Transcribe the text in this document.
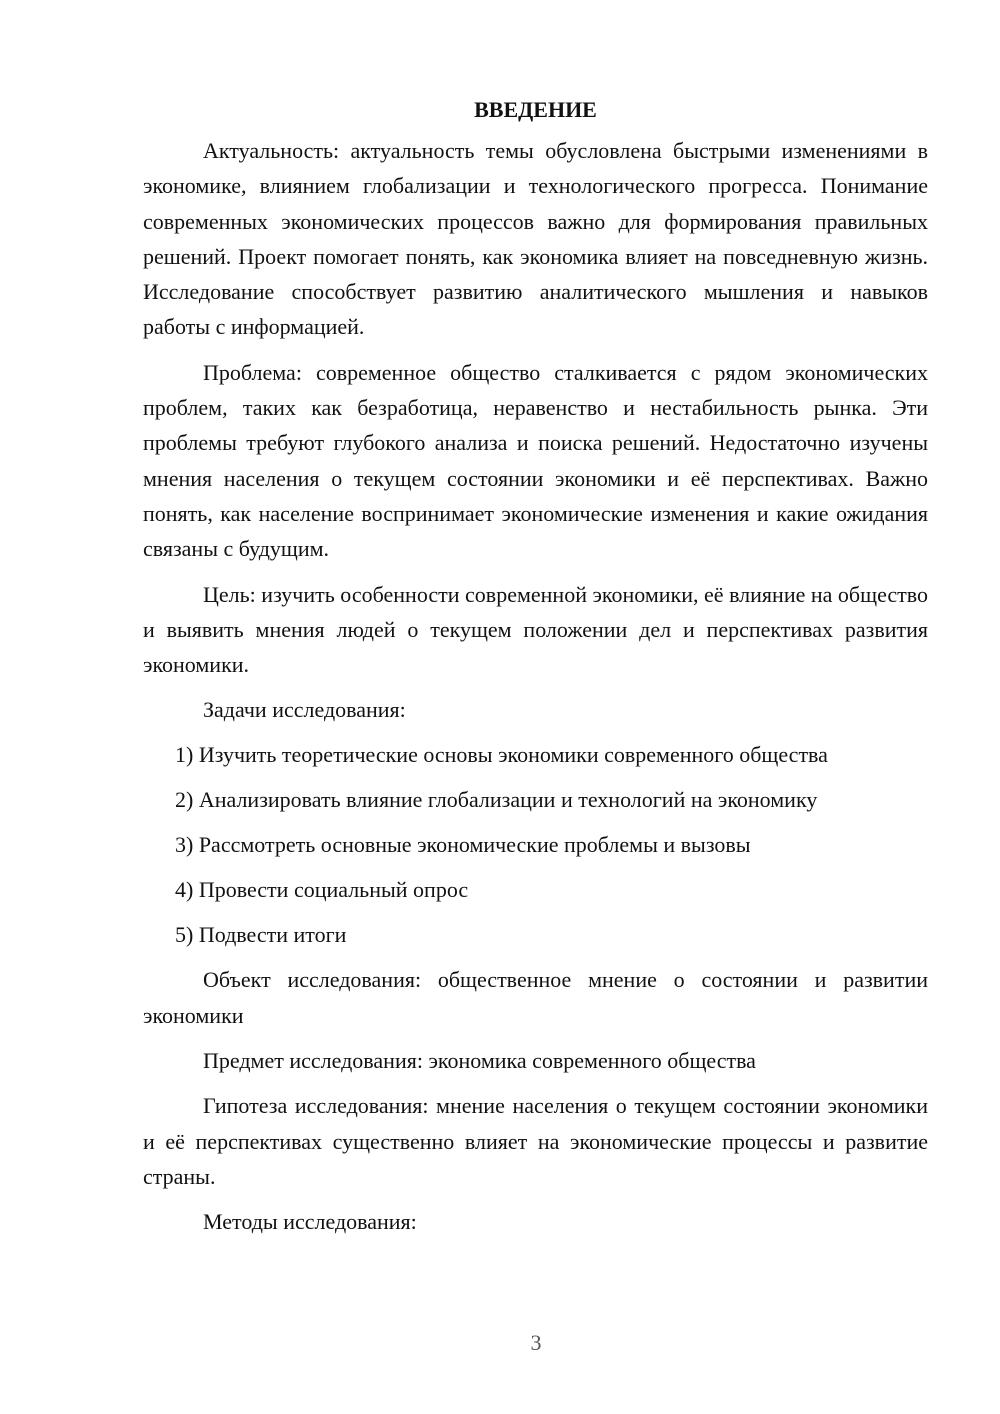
ВВЕДЕНИЕ

Актуальность: актуальность темы обусловлена быстрыми изменениями в экономике, влиянием глобализации и технологического прогресса. Понимание современных экономических процессов важно для формирования правильных решений. Проект помогает понять, как экономика влияет на повседневную жизнь. Исследование способствует развитию аналитического мышления и навыков работы с информацией.

Проблема: современное общество сталкивается с рядом экономических проблем, таких как безработица, неравенство и нестабильность рынка. Эти проблемы требуют глубокого анализа и поиска решений. Недостаточно изучены мнения населения о текущем состоянии экономики и её перспективах. Важно понять, как население воспринимает экономические изменения и какие ожидания связаны с будущим.

Цель: изучить особенности современной экономики, её влияние на общество и выявить мнения людей о текущем положении дел и перспективах развития экономики.

Задачи исследования:
1) Изучить теоретические основы экономики современного общества
2) Анализировать влияние глобализации и технологий на экономику
3) Рассмотреть основные экономические проблемы и вызовы
4) Провести социальный опрос
5) Подвести итоги

Объект исследования: общественное мнение о состоянии и развитии экономики

Предмет исследования: экономика современного общества

Гипотеза исследования: мнение населения о текущем состоянии экономики и её перспективах существенно влияет на экономические процессы и развитие страны.

Методы исследования:

3
